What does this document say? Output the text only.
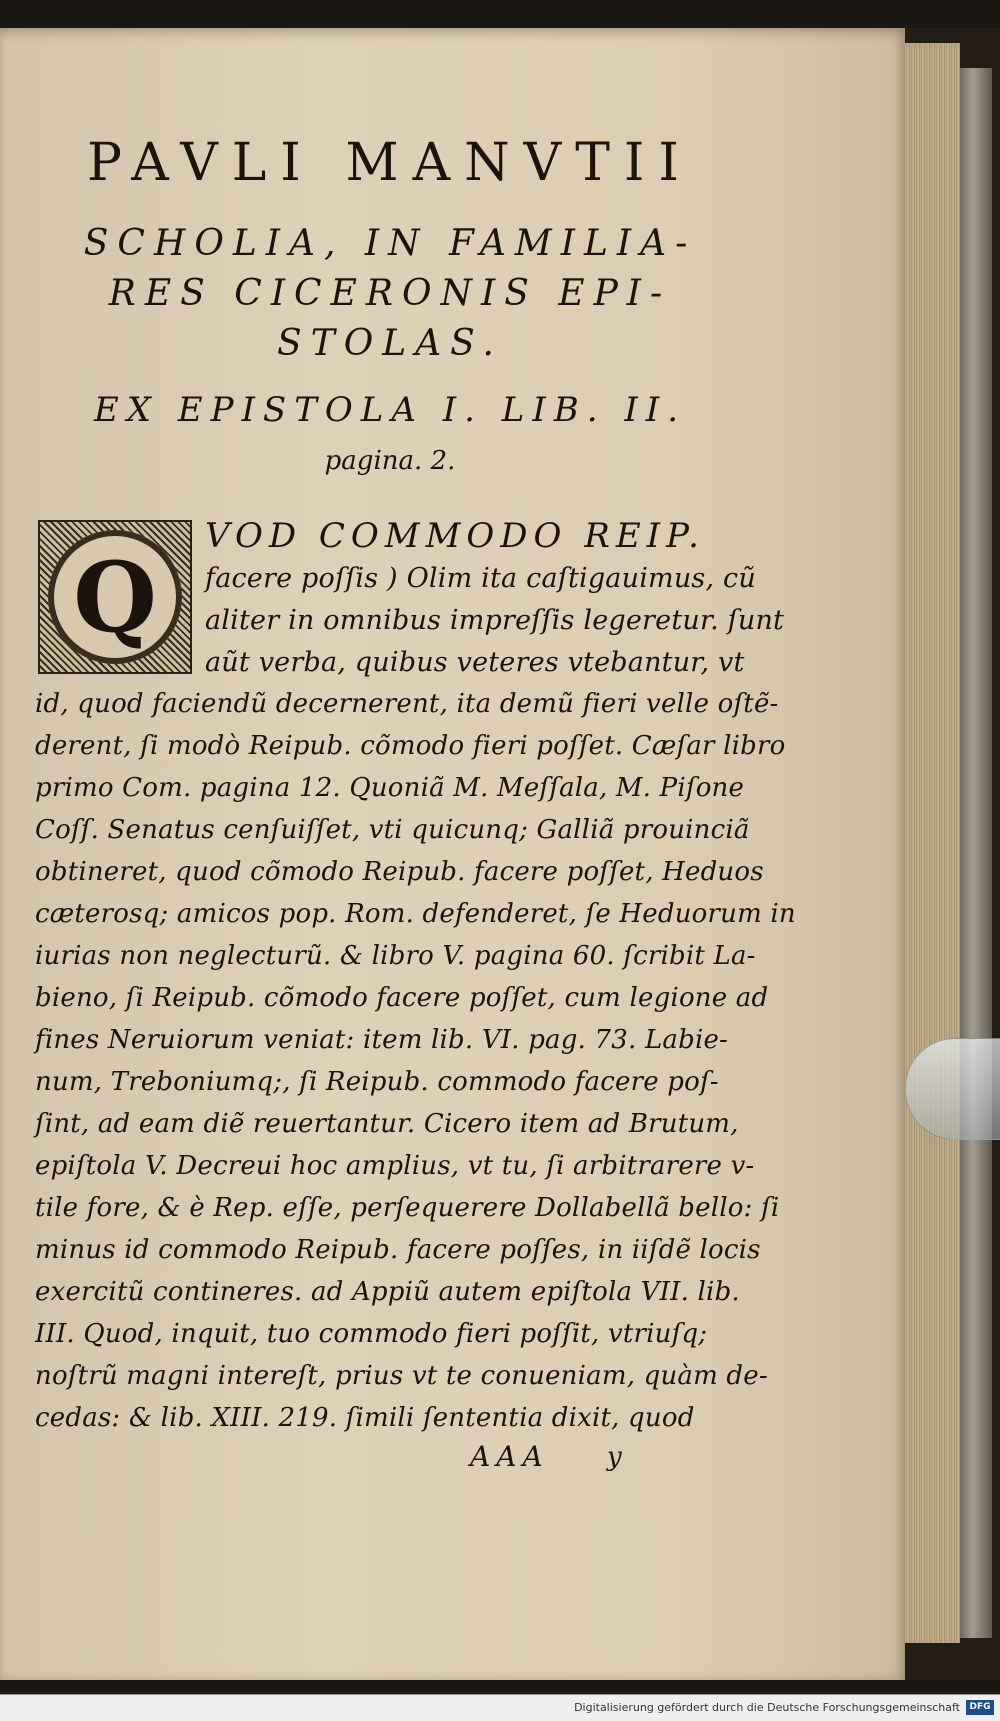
PAVLI MANVTII

SCHOLIA, IN FAMILIA-

RES CICERONIS EPI-

STOLAS.

EX EPISTOLA I. LIB. II.

pagina. 2.

Q

VOD COMMODO REIP.

facere poſſis ) Olim ita caſtigauimus, cũ

aliter in omnibus impreſſis legeretur. ſunt

aũt verba, quibus veteres vtebantur, vt

id, quod faciendũ decernerent, ita demũ fieri velle oſtẽ-

derent, ſi modò Reipub. cõmodo fieri poſſet. Cæſar libro

primo Com. pagina 12. Quoniã M. Meſſala, M. Piſone

Coſſ. Senatus cenſuiſſet, vti quicunq; Galliã prouinciã

obtineret, quod cõmodo Reipub. facere poſſet, Heduos

cæterosq; amicos pop. Rom. defenderet, ſe Heduorum in

iurias non neglecturũ. & libro V. pagina 60. ſcribit La-

bieno, ſi Reipub. cõmodo facere poſſet, cum legione ad

fines Neruiorum veniat: item lib. VI. pag. 73. Labie-

num, Treboniumq;, ſi Reipub. commodo facere poſ-

ſint, ad eam diẽ reuertantur. Cicero item ad Brutum,

epiſtola V. Decreui hoc amplius, vt tu, ſi arbitrarere v-

tile fore, & è Rep. eſſe, perſequerere Dollabellã bello: ſi

minus id commodo Reipub. facere poſſes, in iiſdẽ locis

exercitũ contineres. ad Appiũ autem epiſtola VII. lib.

III. Quod, inquit, tuo commodo fieri poſſit, vtriuſq;

noſtrũ magni intereſt, prius vt te conueniam, quàm de-

cedas: & lib. XIII. 219. ſimili ſententia dixit, quod

AAA y

Digitalisierung gefördert durch die Deutsche Forschungsgemeinschaft	DFG
